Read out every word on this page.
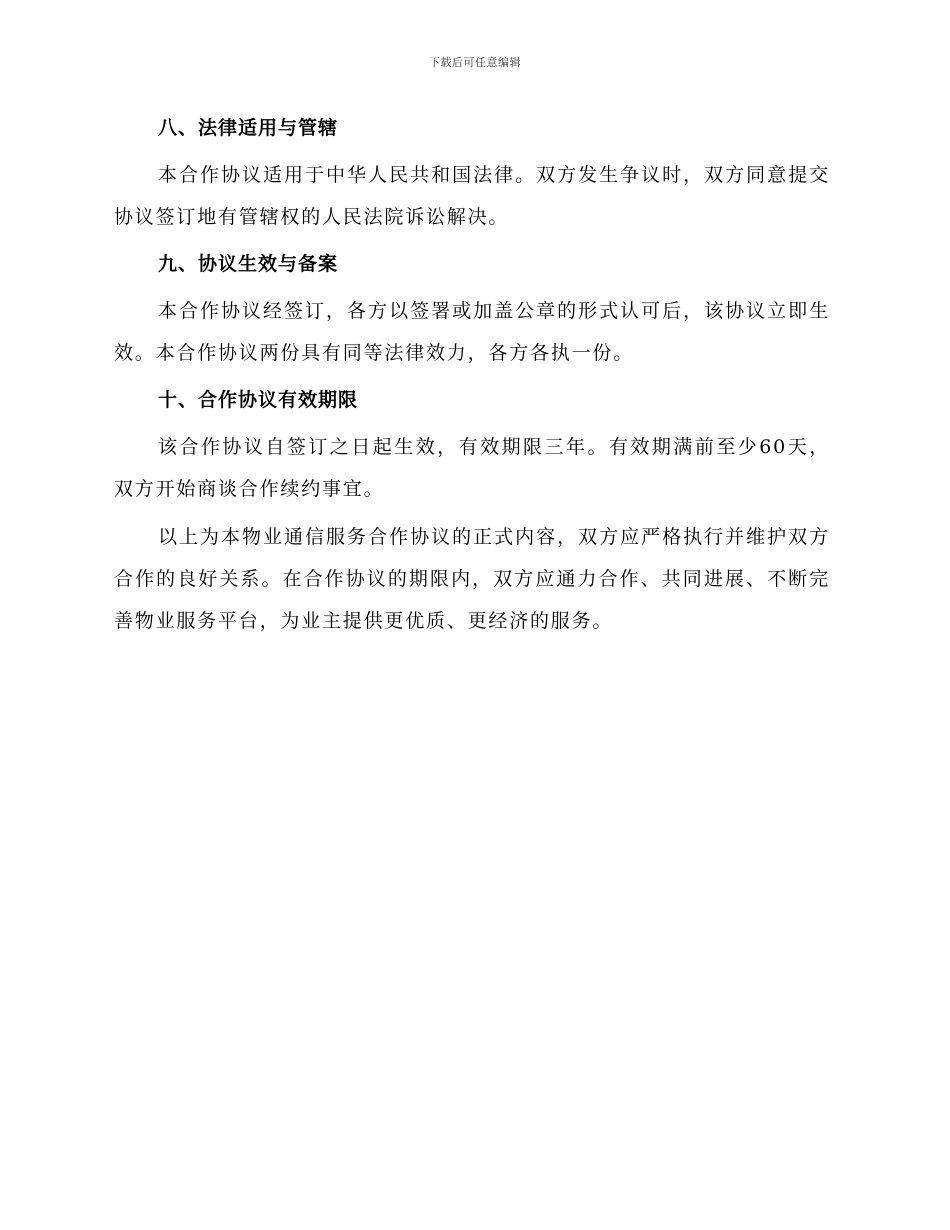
下载后可任意编辑
八、法律适用与管辖

本合作协议适用于中华人民共和国法律。双方发生争议时，双方同意提交协议签订地有管辖权的人民法院诉讼解决。

九、协议生效与备案

本合作协议经签订，各方以签署或加盖公章的形式认可后，该协议立即生效。本合作协议两份具有同等法律效力，各方各执一份。

十、合作协议有效期限

该合作协议自签订之日起生效，有效期限三年。有效期满前至少60天，双方开始商谈合作续约事宜。

以上为本物业通信服务合作协议的正式内容，双方应严格执行并维护双方合作的良好关系。在合作协议的期限内，双方应通力合作、共同进展、不断完善物业服务平台，为业主提供更优质、更经济的服务。
